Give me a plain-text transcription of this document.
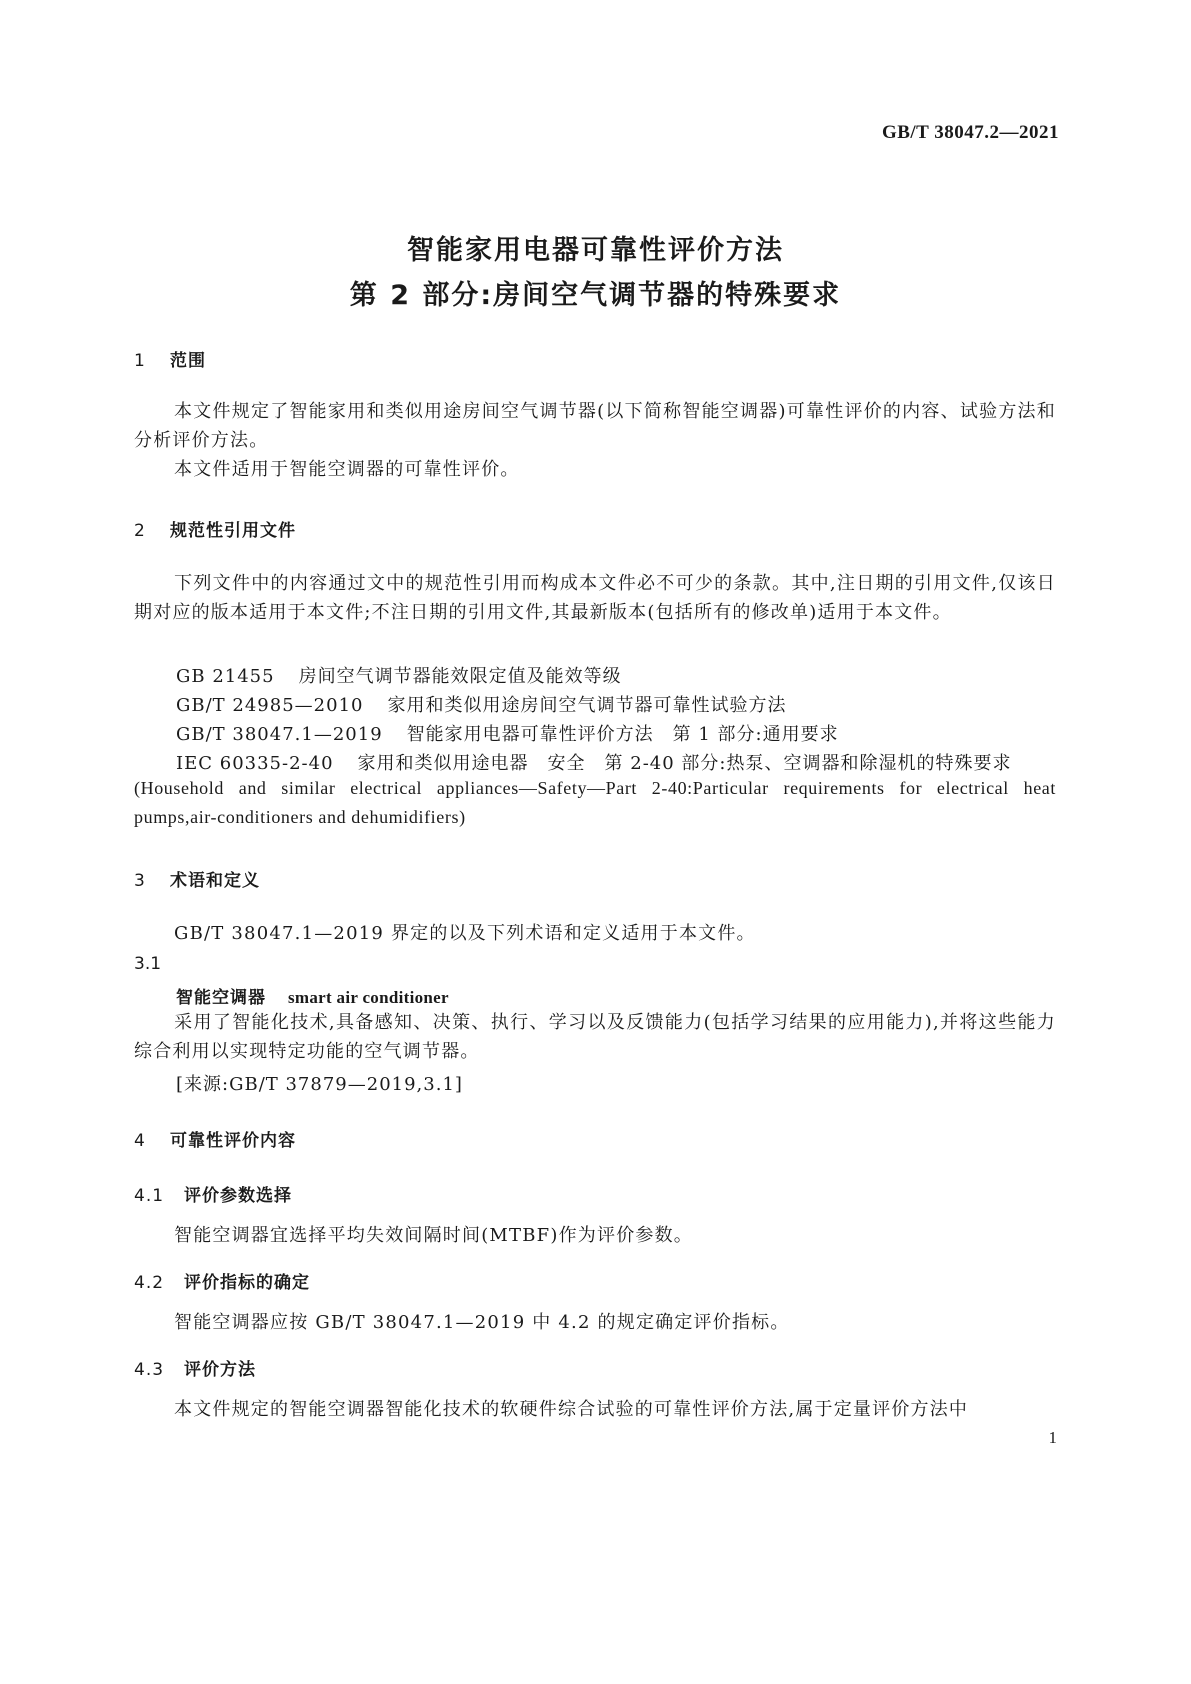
GB/T 38047.2—2021
智能家用电器可靠性评价方法
第 2 部分:房间空气调节器的特殊要求
1 范围
本文件规定了智能家用和类似用途房间空气调节器(以下简称智能空调器)可靠性评价的内容、试验方法和分析评价方法。
本文件适用于智能空调器的可靠性评价。
2 规范性引用文件
下列文件中的内容通过文中的规范性引用而构成本文件必不可少的条款。其中,注日期的引用文件,仅该日期对应的版本适用于本文件;不注日期的引用文件,其最新版本(包括所有的修改单)适用于本文件。
GB 21455 房间空气调节器能效限定值及能效等级
GB/T 24985—2010 家用和类似用途房间空气调节器可靠性试验方法
GB/T 38047.1—2019 智能家用电器可靠性评价方法　第 1 部分:通用要求
IEC 60335-2-40 家用和类似用途电器　安全　第 2-40 部分:热泵、空调器和除湿机的特殊要求
(Household and similar electrical appliances—Safety—Part 2-40:Particular requirements for electrical heat pumps,air-conditioners and dehumidifiers)
3 术语和定义
GB/T 38047.1—2019 界定的以及下列术语和定义适用于本文件。
3.1
智能空调器 smart air conditioner
采用了智能化技术,具备感知、决策、执行、学习以及反馈能力(包括学习结果的应用能力),并将这些能力综合利用以实现特定功能的空气调节器。
[来源:GB/T 37879—2019,3.1]
4 可靠性评价内容
4.1 评价参数选择
智能空调器宜选择平均失效间隔时间(MTBF)作为评价参数。
4.2 评价指标的确定
智能空调器应按 GB/T 38047.1—2019 中 4.2 的规定确定评价指标。
4.3 评价方法
本文件规定的智能空调器智能化技术的软硬件综合试验的可靠性评价方法,属于定量评价方法中
1
